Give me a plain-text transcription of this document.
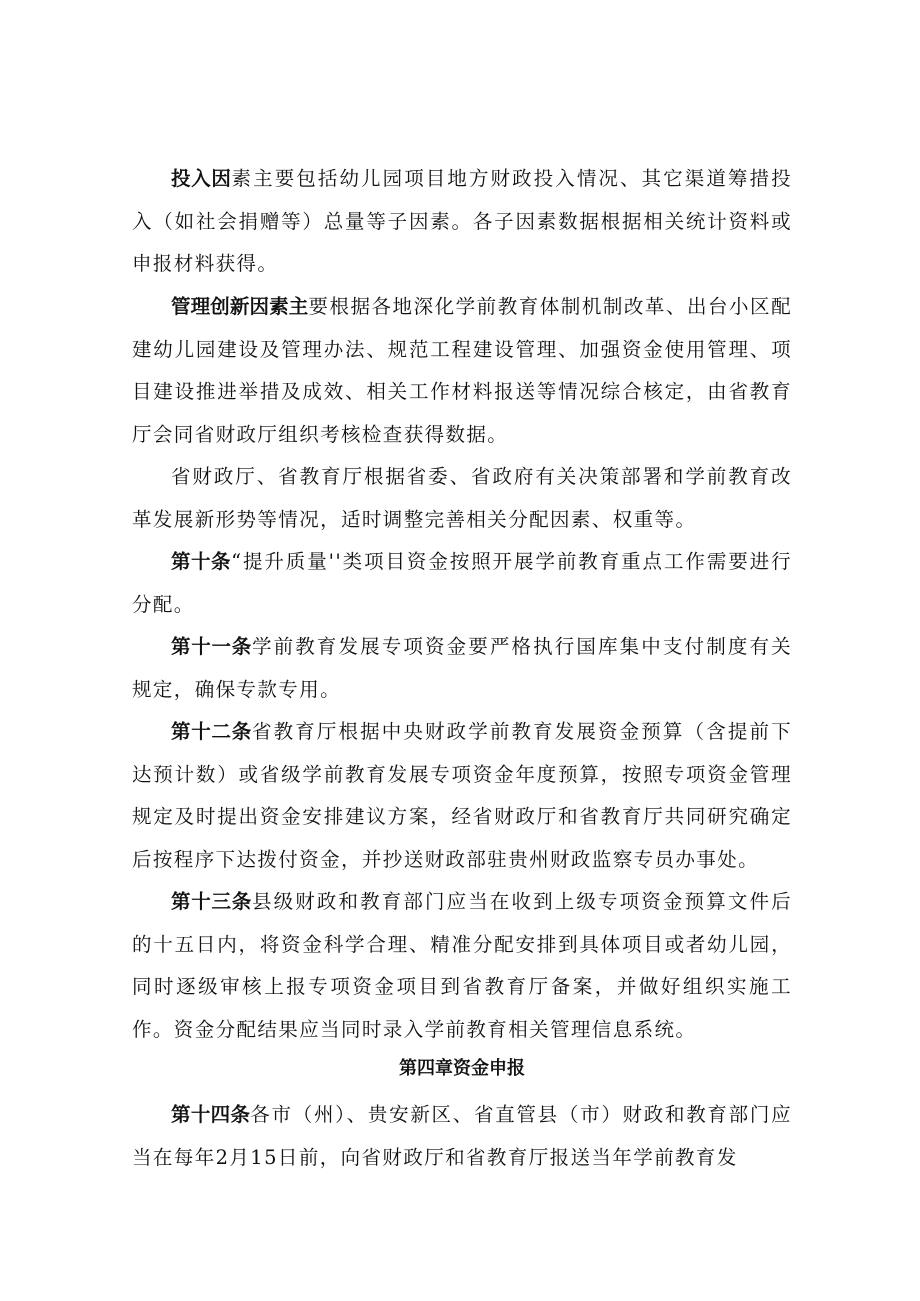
投入因素主要包括幼儿园项目地方财政投入情况、其它渠道筹措投入（如社会捐赠等）总量等子因素。各子因素数据根据相关统计资料或申报材料获得。

管理创新因素主要根据各地深化学前教育体制机制改革、出台小区配建幼儿园建设及管理办法、规范工程建设管理、加强资金使用管理、项目建设推进举措及成效、相关工作材料报送等情况综合核定，由省教育厅会同省财政厅组织考核检查获得数据。

省财政厅、省教育厅根据省委、省政府有关决策部署和学前教育改革发展新形势等情况，适时调整完善相关分配因素、权重等。

第十条“提升质量''类项目资金按照开展学前教育重点工作需要进行分配。

第十一条学前教育发展专项资金要严格执行国库集中支付制度有关规定，确保专款专用。

第十二条省教育厅根据中央财政学前教育发展资金预算（含提前下达预计数）或省级学前教育发展专项资金年度预算，按照专项资金管理规定及时提出资金安排建议方案，经省财政厅和省教育厅共同研究确定后按程序下达拨付资金，并抄送财政部驻贵州财政监察专员办事处。

第十三条县级财政和教育部门应当在收到上级专项资金预算文件后的十五日内，将资金科学合理、精准分配安排到具体项目或者幼儿园，同时逐级审核上报专项资金项目到省教育厅备案，并做好组织实施工作。资金分配结果应当同时录入学前教育相关管理信息系统。

第四章资金申报

第十四条各市（州）、贵安新区、省直管县（市）财政和教育部门应当在每年2月15日前，向省财政厅和省教育厅报送当年学前教育发
